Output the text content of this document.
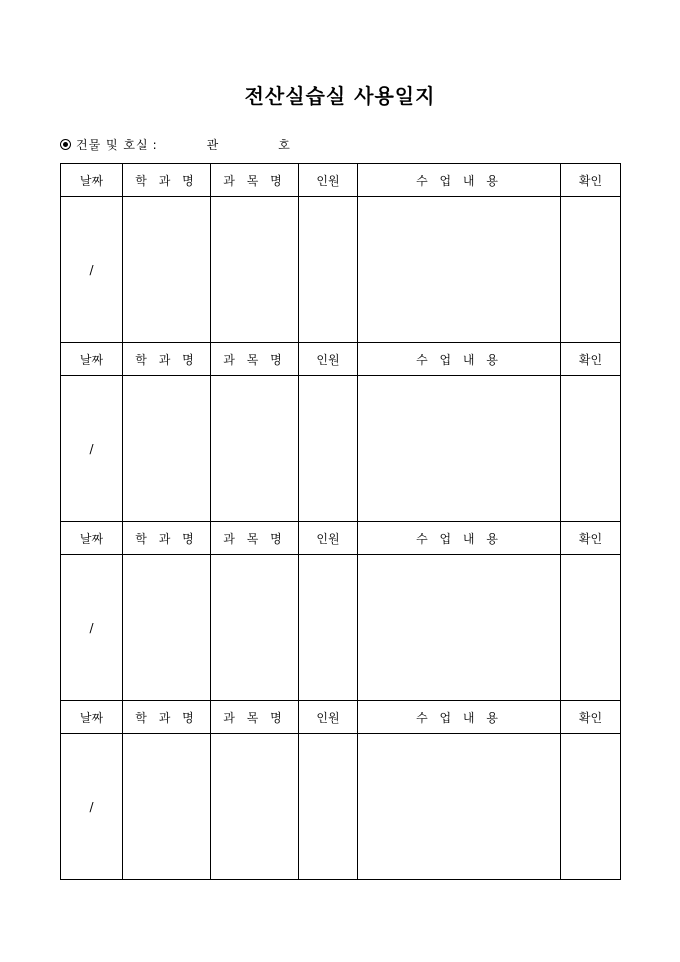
전산실습실 사용일지
건물 및 호실 :	관	호
날짜	학 과 명	과 목 명	인원	수 업 내 용	확인
/					
날짜	학 과 명	과 목 명	인원	수 업 내 용	확인
/					
날짜	학 과 명	과 목 명	인원	수 업 내 용	확인
/					
날짜	학 과 명	과 목 명	인원	수 업 내 용	확인
/					
